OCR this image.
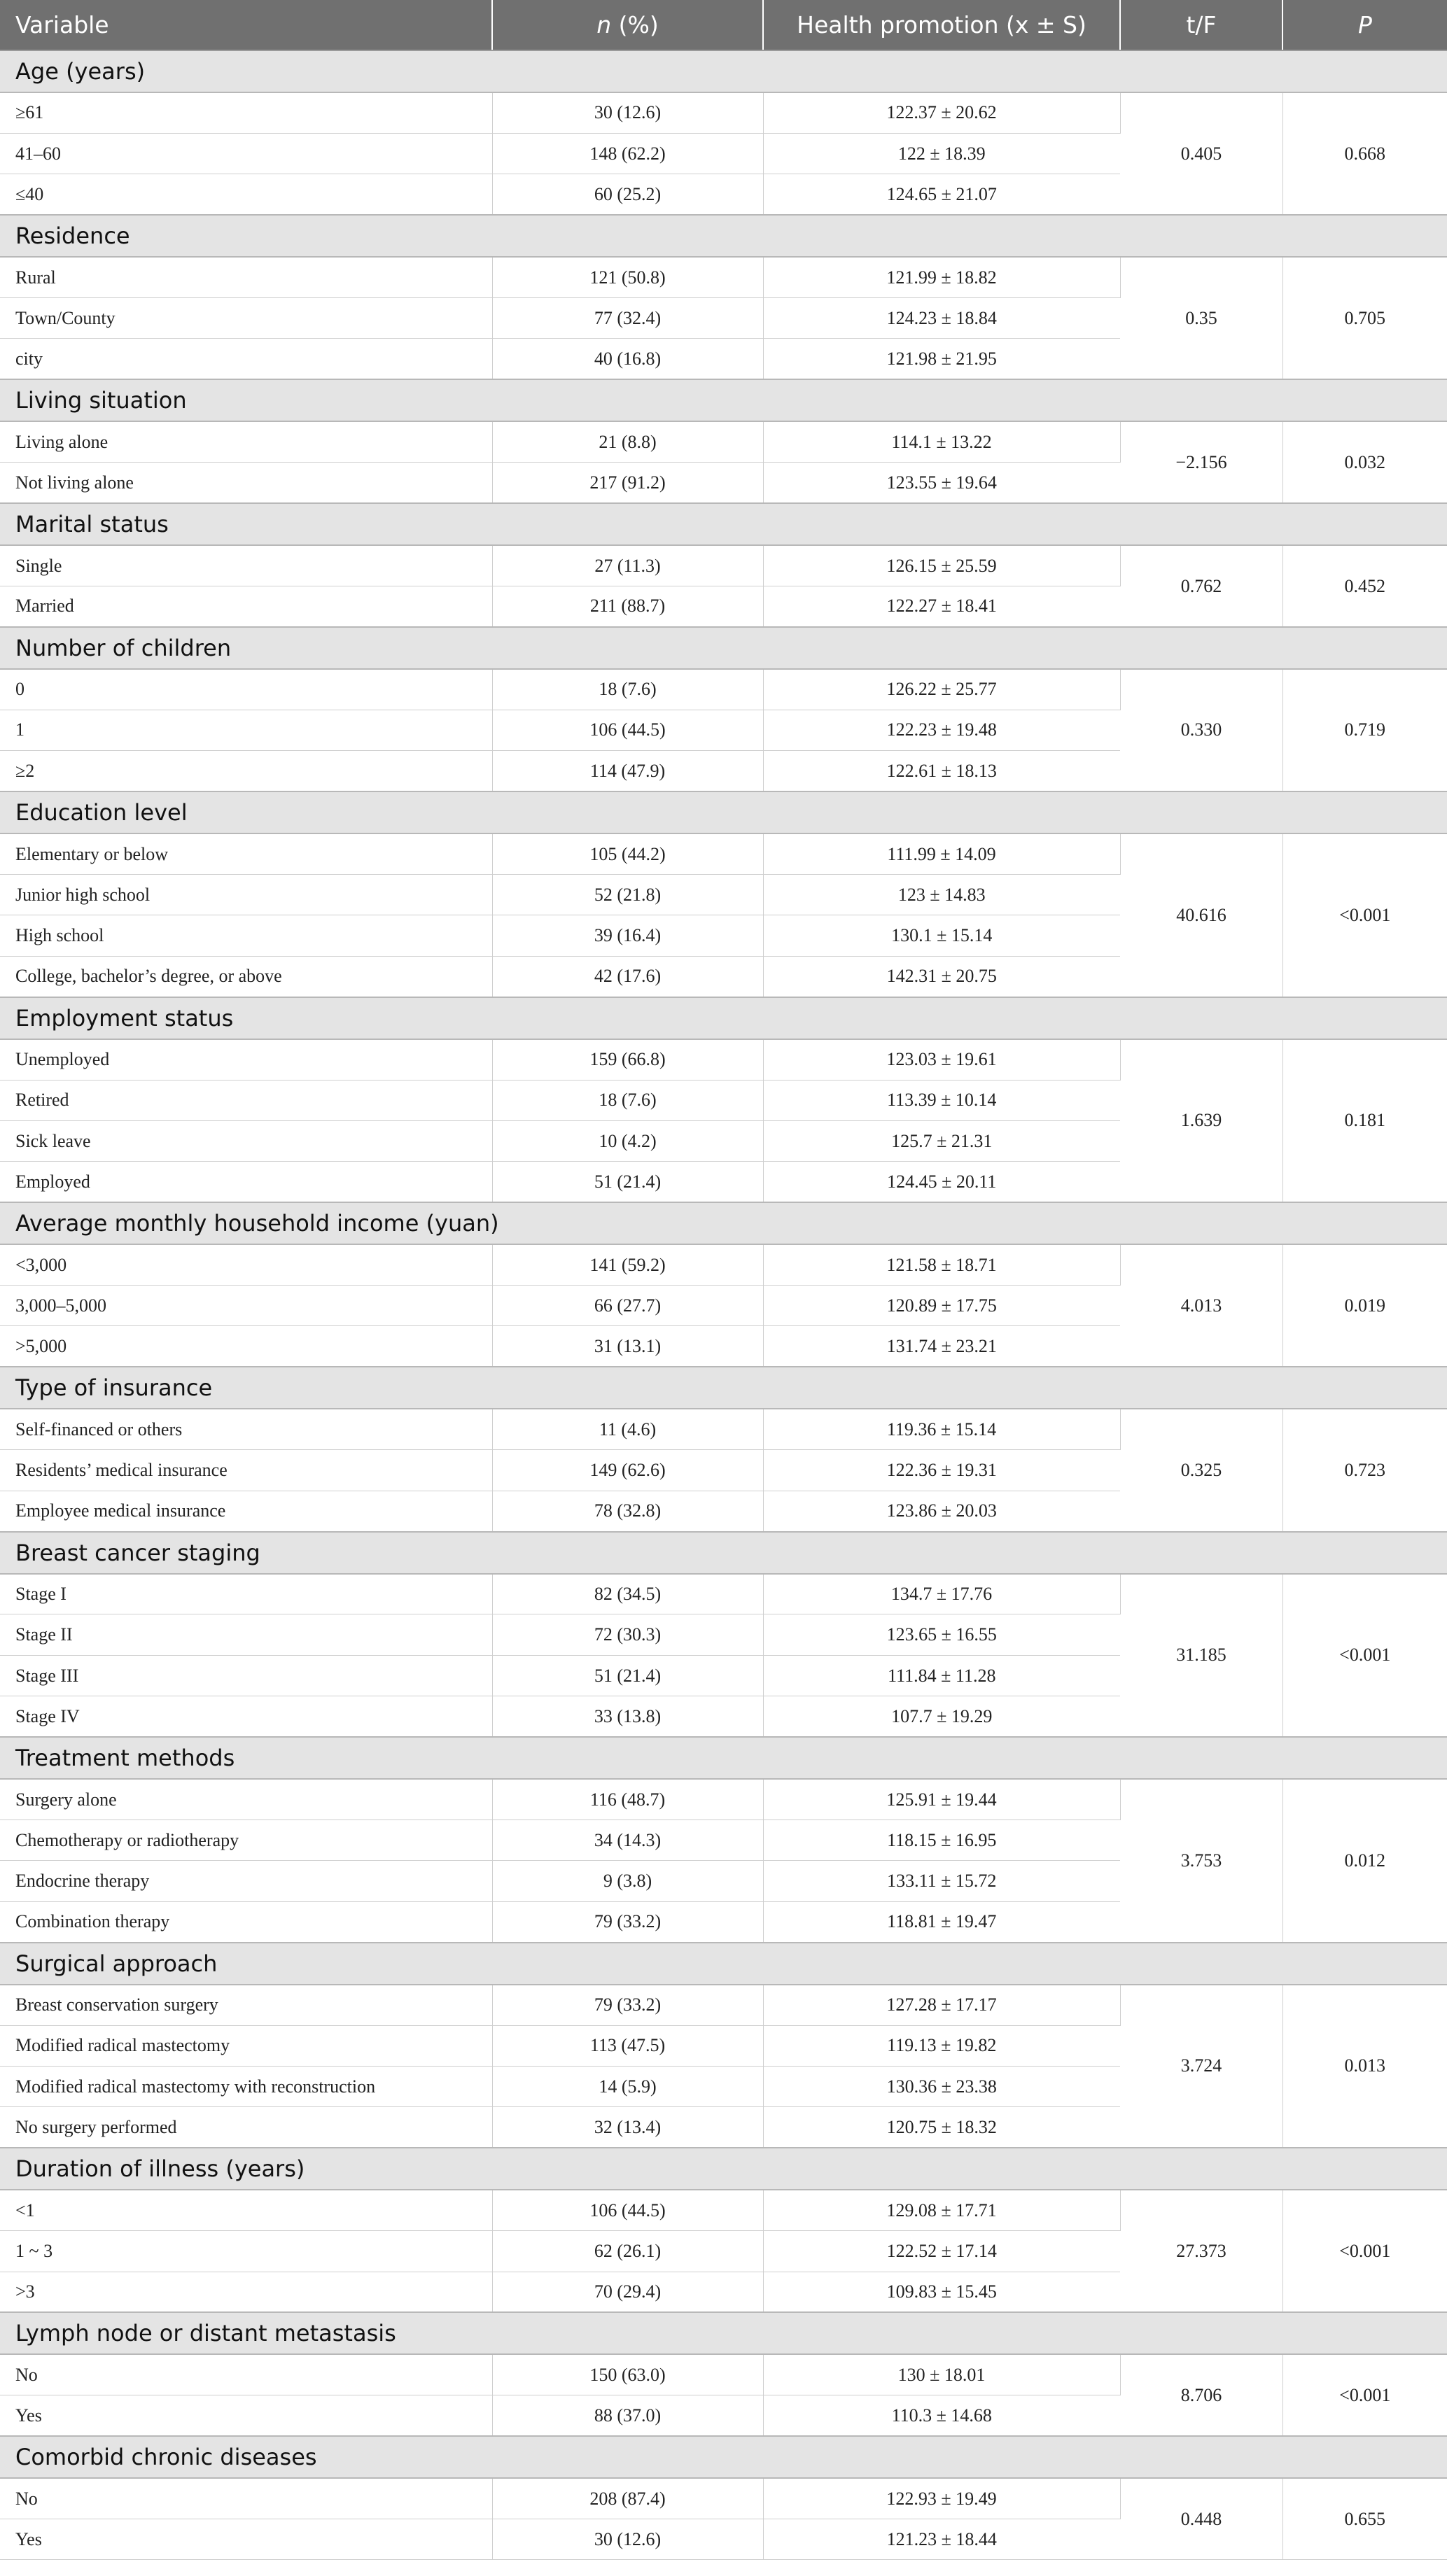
Variable	n (%)	Health promotion (x ± S)	t/F	P
Age (years)				
≥61	30 (12.6)	122.37 ± 20.62	0.405	0.668
41–60	148 (62.2)	122 ± 18.39		
≤40	60 (25.2)	124.65 ± 21.07		
Residence				
Rural	121 (50.8)	121.99 ± 18.82	0.35	0.705
Town/County	77 (32.4)	124.23 ± 18.84		
city	40 (16.8)	121.98 ± 21.95		
Living situation				
Living alone	21 (8.8)	114.1 ± 13.22	−2.156	0.032
Not living alone	217 (91.2)	123.55 ± 19.64		
Marital status				
Single	27 (11.3)	126.15 ± 25.59	0.762	0.452
Married	211 (88.7)	122.27 ± 18.41		
Number of children				
0	18 (7.6)	126.22 ± 25.77	0.330	0.719
1	106 (44.5)	122.23 ± 19.48		
≥2	114 (47.9)	122.61 ± 18.13		
Education level				
Elementary or below	105 (44.2)	111.99 ± 14.09	40.616	<0.001
Junior high school	52 (21.8)	123 ± 14.83		
High school	39 (16.4)	130.1 ± 15.14		
College, bachelor’s degree, or above	42 (17.6)	142.31 ± 20.75		
Employment status				
Unemployed	159 (66.8)	123.03 ± 19.61	1.639	0.181
Retired	18 (7.6)	113.39 ± 10.14		
Sick leave	10 (4.2)	125.7 ± 21.31		
Employed	51 (21.4)	124.45 ± 20.11		
Average monthly household income (yuan)				
<3,000	141 (59.2)	121.58 ± 18.71	4.013	0.019
3,000–5,000	66 (27.7)	120.89 ± 17.75		
>5,000	31 (13.1)	131.74 ± 23.21		
Type of insurance				
Self-financed or others	11 (4.6)	119.36 ± 15.14	0.325	0.723
Residents’ medical insurance	149 (62.6)	122.36 ± 19.31		
Employee medical insurance	78 (32.8)	123.86 ± 20.03		
Breast cancer staging				
Stage I	82 (34.5)	134.7 ± 17.76	31.185	<0.001
Stage II	72 (30.3)	123.65 ± 16.55		
Stage III	51 (21.4)	111.84 ± 11.28		
Stage IV	33 (13.8)	107.7 ± 19.29		
Treatment methods				
Surgery alone	116 (48.7)	125.91 ± 19.44	3.753	0.012
Chemotherapy or radiotherapy	34 (14.3)	118.15 ± 16.95		
Endocrine therapy	9 (3.8)	133.11 ± 15.72		
Combination therapy	79 (33.2)	118.81 ± 19.47		
Surgical approach				
Breast conservation surgery	79 (33.2)	127.28 ± 17.17	3.724	0.013
Modified radical mastectomy	113 (47.5)	119.13 ± 19.82		
Modified radical mastectomy with reconstruction	14 (5.9)	130.36 ± 23.38		
No surgery performed	32 (13.4)	120.75 ± 18.32		
Duration of illness (years)				
<1	106 (44.5)	129.08 ± 17.71	27.373	<0.001
1 ~ 3	62 (26.1)	122.52 ± 17.14		
>3	70 (29.4)	109.83 ± 15.45		
Lymph node or distant metastasis				
No	150 (63.0)	130 ± 18.01	8.706	<0.001
Yes	88 (37.0)	110.3 ± 14.68		
Comorbid chronic diseases				
No	208 (87.4)	122.93 ± 19.49	0.448	0.655
Yes	30 (12.6)	121.23 ± 18.44		
